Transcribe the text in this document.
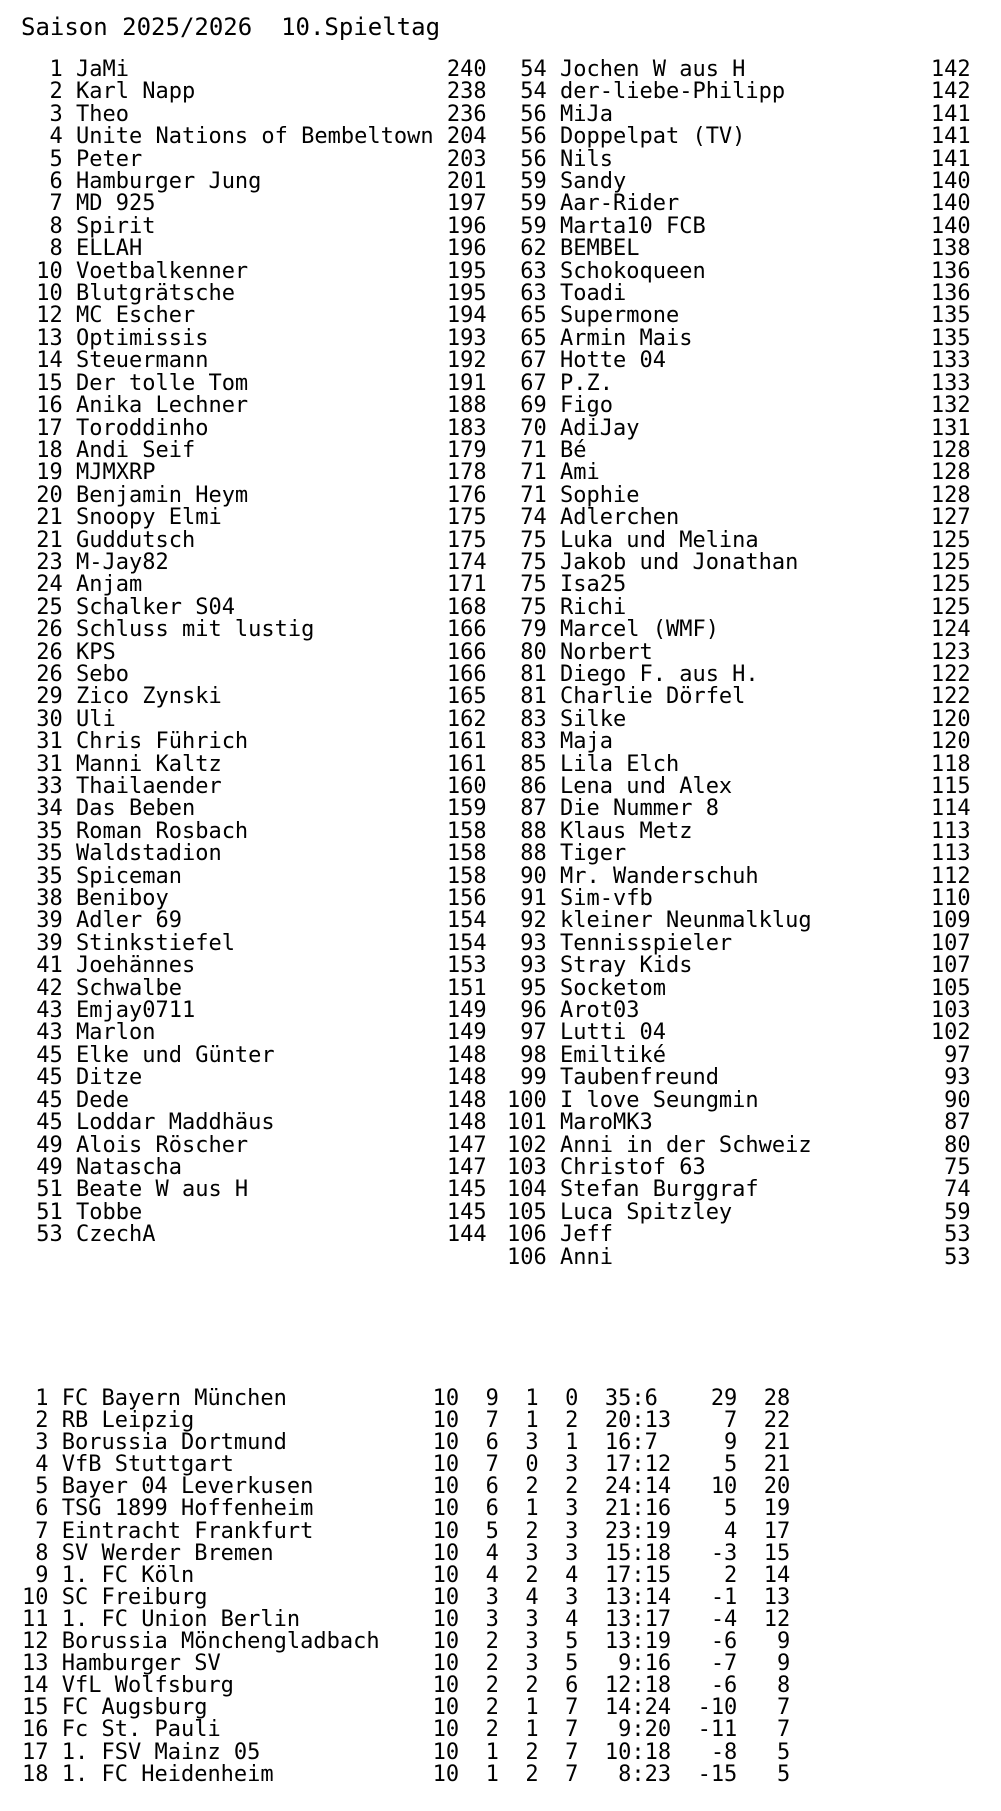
Saison 2025/2026  10.Spieltag
1 JaMi                        240
2 Karl Napp                   238
3 Theo                        236
4 Unite Nations of Bembeltown 204
5 Peter                       203
6 Hamburger Jung              201
7 MD 925                      197
8 Spirit                      196
8 ELLAH                       196
10 Voetbalkenner               195
10 Blutgrätsche                195
12 MC Escher                   194
13 Optimissis                  193
14 Steuermann                  192
15 Der tolle Tom               191
16 Anika Lechner               188
17 Toroddinho                  183
18 Andi Seif                   179
19 MJMXRP                      178
20 Benjamin Heym               176
21 Snoopy Elmi                 175
21 Guddutsch                   175
23 M-Jay82                     174
24 Anjam                       171
25 Schalker S04                168
26 Schluss mit lustig          166
26 KPS                         166
26 Sebo                        166
29 Zico Zynski                 165
30 Uli                         162
31 Chris Führich               161
31 Manni Kaltz                 161
33 Thailaender                 160
34 Das Beben                   159
35 Roman Rosbach               158
35 Waldstadion                 158
35 Spiceman                    158
38 Beniboy                     156
39 Adler 69                    154
39 Stinkstiefel                154
41 Joehännes                   153
42 Schwalbe                    151
43 Emjay0711                   149
43 Marlon                      149
45 Elke und Günter             148
45 Ditze                       148
45 Dede                        148
45 Loddar Maddhäus             148
49 Alois Röscher               147
49 Natascha                    147
51 Beate W aus H               145
51 Tobbe                       145
53 CzechA                      144
54 Jochen W aus H              142
54 der-liebe-Philipp           142
56 MiJa                        141
56 Doppelpat (TV)              141
56 Nils                        141
59 Sandy                       140
59 Aar-Rider                   140
59 Marta10 FCB                 140
62 BEMBEL                      138
63 Schokoqueen                 136
63 Toadi                       136
65 Supermone                   135
65 Armin Mais                  135
67 Hotte 04                    133
67 P.Z.                        133
69 Figo                        132
70 AdiJay                      131
71 Bé                          128
71 Ami                         128
71 Sophie                      128
74 Adlerchen                   127
75 Luka und Melina             125
75 Jakob und Jonathan          125
75 Isa25                       125
75 Richi                       125
79 Marcel (WMF)                124
80 Norbert                     123
81 Diego F. aus H.             122
81 Charlie Dörfel              122
83 Silke                       120
83 Maja                        120
85 Lila Elch                   118
86 Lena und Alex               115
87 Die Nummer 8                114
88 Klaus Metz                  113
88 Tiger                       113
90 Mr. Wanderschuh             112
91 Sim-vfb                     110
92 kleiner Neunmalklug         109
93 Tennisspieler               107
93 Stray Kids                  107
95 Socketom                    105
96 Arot03                      103
97 Lutti 04                    102
98 Emiltiké                     97
99 Taubenfreund                 93
100 I love Seungmin              90
101 MaroMK3                      87
102 Anni in der Schweiz          80
103 Christof 63                  75
104 Stefan Burggraf              74
105 Luca Spitzley                59
106 Jeff                         53
106 Anni                         53
1 FC Bayern München           10  9  1  0  35:6    29  28
2 RB Leipzig                  10  7  1  2  20:13    7  22
3 Borussia Dortmund           10  6  3  1  16:7     9  21
4 VfB Stuttgart               10  7  0  3  17:12    5  21
5 Bayer 04 Leverkusen         10  6  2  2  24:14   10  20
6 TSG 1899 Hoffenheim         10  6  1  3  21:16    5  19
7 Eintracht Frankfurt         10  5  2  3  23:19    4  17
8 SV Werder Bremen            10  4  3  3  15:18   -3  15
9 1. FC Köln                  10  4  2  4  17:15    2  14
10 SC Freiburg                 10  3  4  3  13:14   -1  13
11 1. FC Union Berlin          10  3  3  4  13:17   -4  12
12 Borussia Mönchengladbach    10  2  3  5  13:19   -6   9
13 Hamburger SV                10  2  3  5   9:16   -7   9
14 VfL Wolfsburg               10  2  2  6  12:18   -6   8
15 FC Augsburg                 10  2  1  7  14:24  -10   7
16 Fc St. Pauli                10  2  1  7   9:20  -11   7
17 1. FSV Mainz 05             10  1  2  7  10:18   -8   5
18 1. FC Heidenheim            10  1  2  7   8:23  -15   5
